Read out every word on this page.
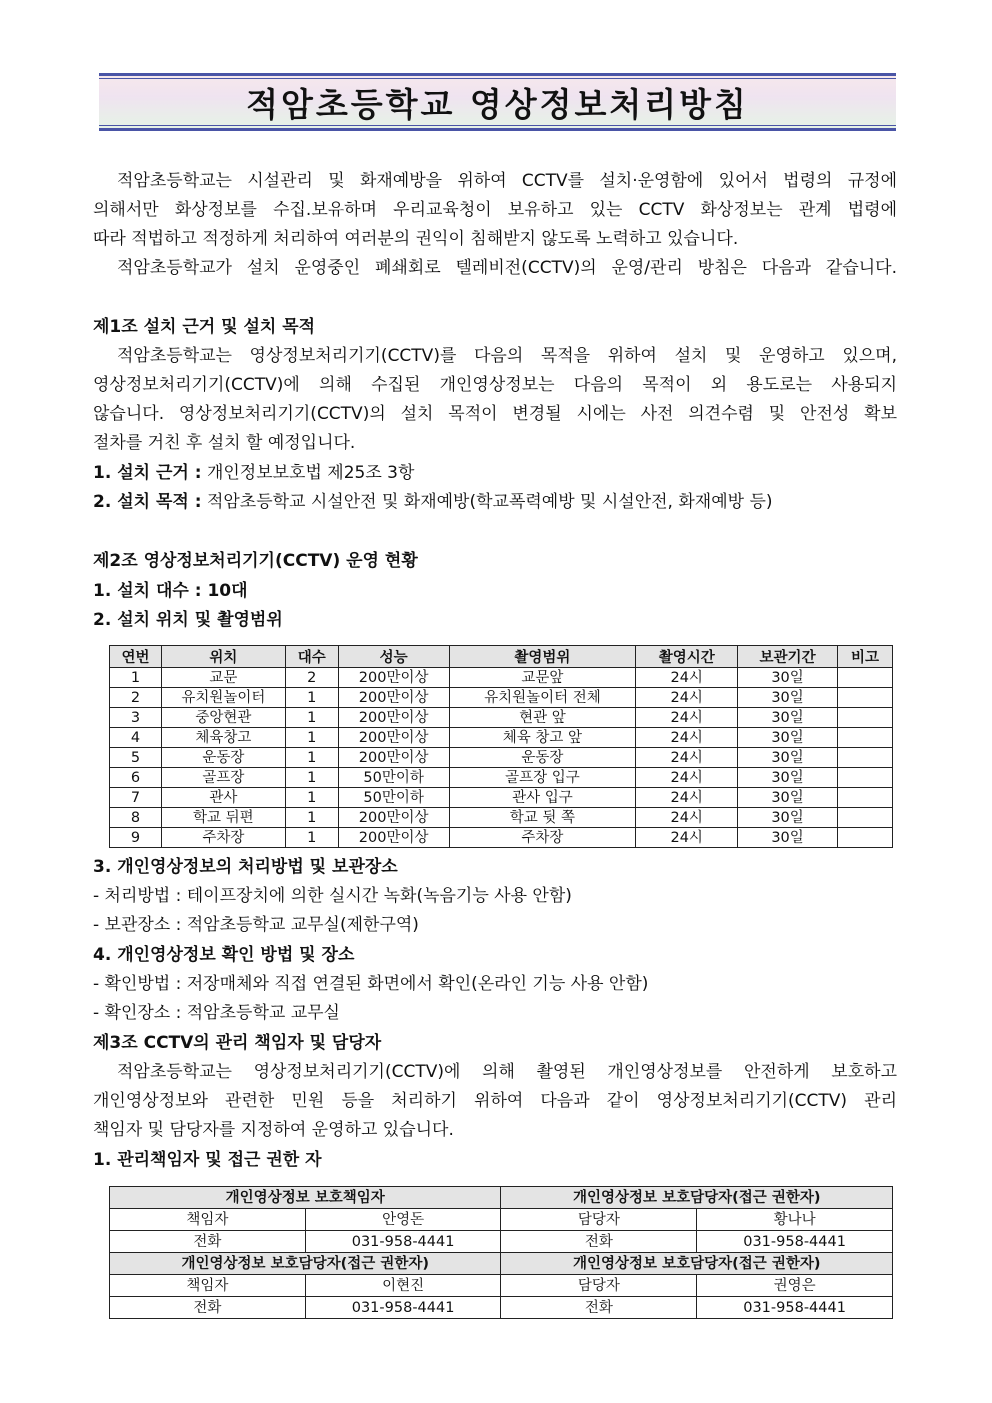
적암초등학교 영상정보처리방침
적암초등학교는 시설관리 및 화재예방을 위하여 CCTV를 설치·운영함에 있어서 법령의 규정에
의해서만 화상정보를 수집.보유하며 우리교육청이 보유하고 있는 CCTV 화상정보는 관계 법령에
따라 적법하고 적정하게 처리하여 여러분의 권익이 침해받지 않도록 노력하고 있습니다.
적암초등학교가 설치 운영중인 폐쇄회로 텔레비전(CCTV)의 운영/관리 방침은 다음과 같습니다.
제1조 설치 근거 및 설치 목적
적암초등학교는 영상정보처리기기(CCTV)를 다음의 목적을 위하여 설치 및 운영하고 있으며,
영상정보처리기기(CCTV)에 의해 수집된 개인영상정보는 다음의 목적이 외 용도로는 사용되지
않습니다. 영상정보처리기기(CCTV)의 설치 목적이 변경될 시에는 사전 의견수렴 및 안전성 확보
절차를 거친 후 설치 할 예정입니다.
1. 설치 근거 : 개인정보보호법 제25조 3항
2. 설치 목적 : 적암초등학교 시설안전 및 화재예방(학교폭력예방 및 시설안전, 화재예방 등)
제2조 영상정보처리기기(CCTV) 운영 현황
1. 설치 대수 : 10대
2. 설치 위치 및 촬영범위
연번	위치	대수	성능	촬영범위	촬영시간	보관기간	비고
1	교문	2	200만이상	교문앞	24시	30일	
2	유치원놀이터	1	200만이상	유치원놀이터 전체	24시	30일	
3	중앙현관	1	200만이상	현관 앞	24시	30일	
4	체육창고	1	200만이상	체육 창고 앞	24시	30일	
5	운동장	1	200만이상	운동장	24시	30일	
6	골프장	1	50만이하	골프장 입구	24시	30일	
7	관사	1	50만이하	관사 입구	24시	30일	
8	학교 뒤편	1	200만이상	학교 뒷 쪽	24시	30일	
9	주차장	1	200만이상	주차장	24시	30일	
3. 개인영상정보의 처리방법 및 보관장소
- 처리방법 : 테이프장치에 의한 실시간 녹화(녹음기능 사용 안함)
- 보관장소 : 적암초등학교 교무실(제한구역)
4. 개인영상정보 확인 방법 및 장소
- 확인방법 : 저장매체와 직접 연결된 화면에서 확인(온라인 기능 사용 안함)
- 확인장소 : 적암초등학교 교무실
제3조 CCTV의 관리 책임자 및 담당자
적암초등학교는 영상정보처리기기(CCTV)에 의해 촬영된 개인영상정보를 안전하게 보호하고
개인영상정보와 관련한 민원 등을 처리하기 위하여 다음과 같이 영상정보처리기기(CCTV) 관리
책임자 및 담당자를 지정하여 운영하고 있습니다.
1. 관리책임자 및 접근 권한 자
개인영상정보 보호책임자		개인영상정보 보호담당자(접근 권한자)	
책임자	안영돈	담당자	황나나
전화	031-958-4441	전화	031-958-4441
개인영상정보 보호담당자(접근 권한자)		개인영상정보 보호담당자(접근 권한자)	
책임자	이현진	담당자	권영은
전화	031-958-4441	전화	031-958-4441
